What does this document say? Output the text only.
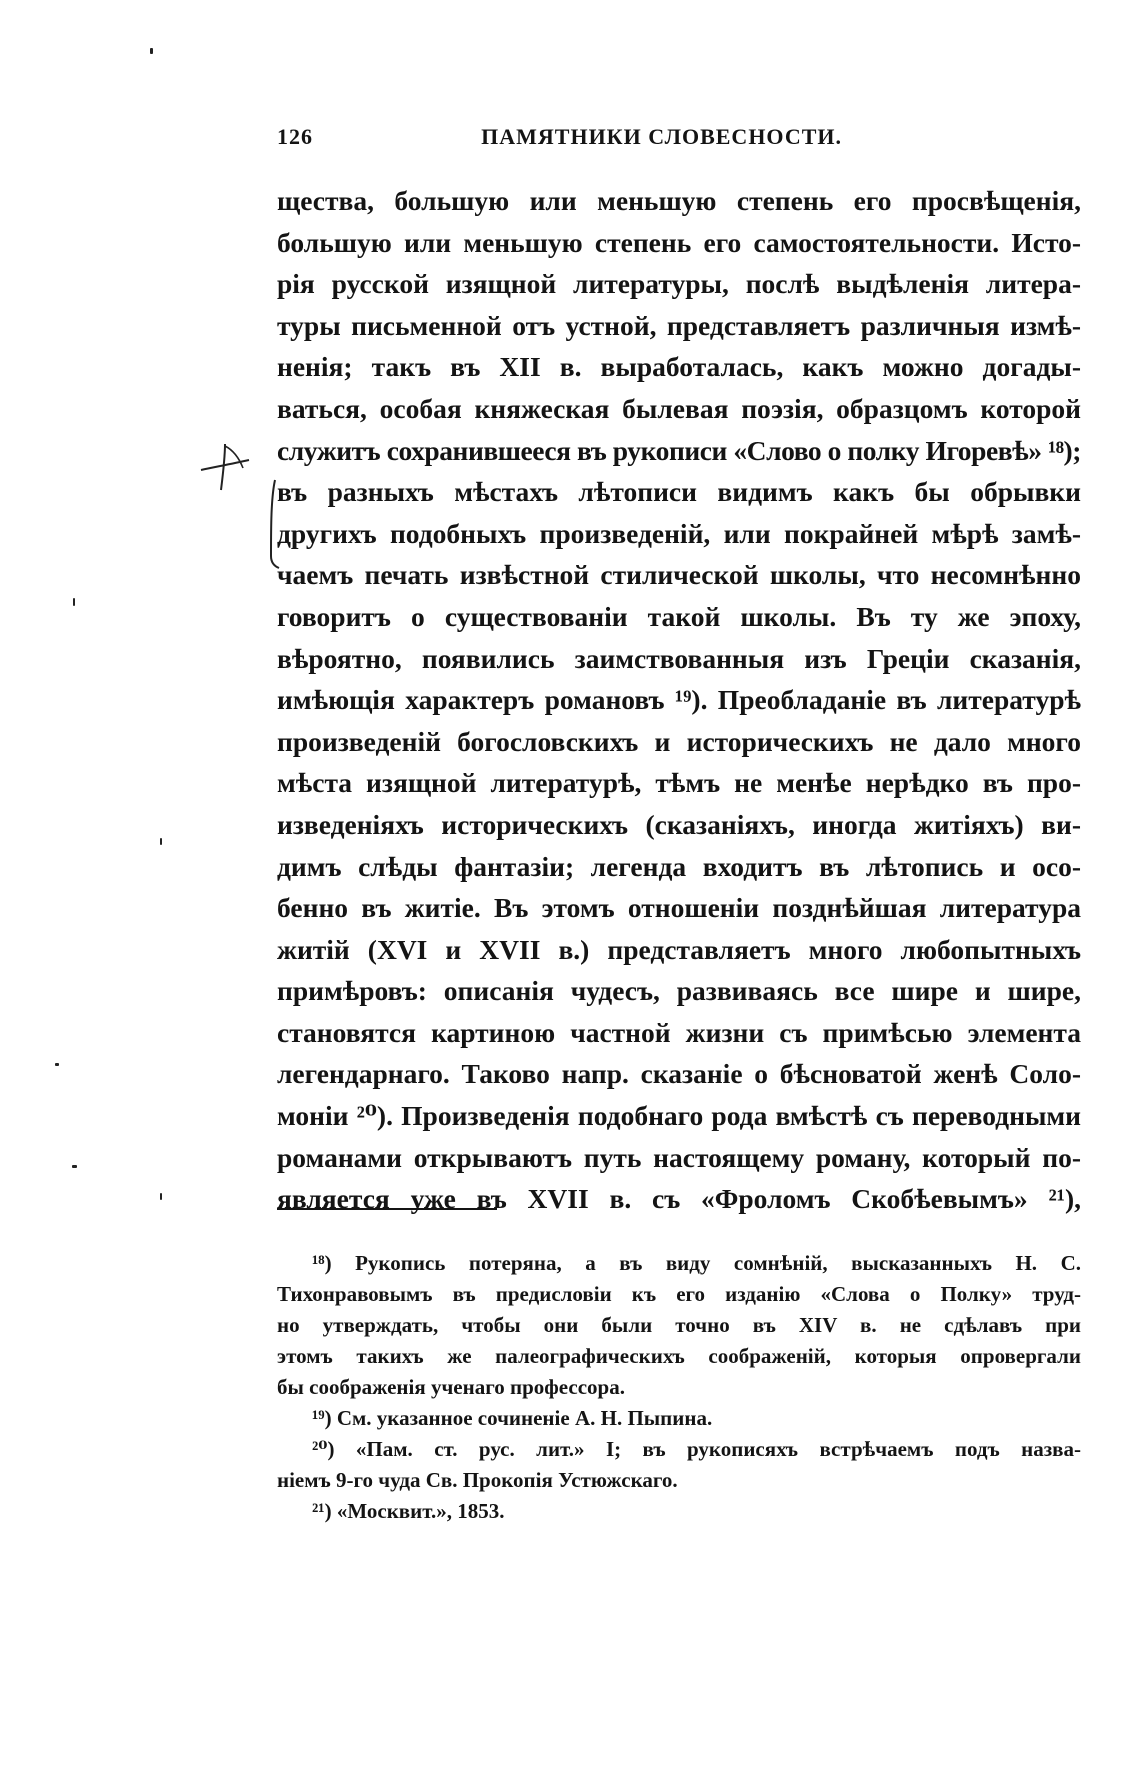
126	ПАМЯТНИКИ СЛОВЕСНОСТИ.
щества, большую или меньшую степень его просвѣщенія,
большую или меньшую степень его самостоятельности. Исто-
рія русской изящной литературы, послѣ выдѣленія литера-
туры письменной отъ устной, представляетъ различныя измѣ-
ненія; такъ въ XII в. выработалась, какъ можно догады-
ваться, особая княжеская былевая поэзія, образцомъ которой
служитъ сохранившееся въ рукописи «Слово о полку Игоревѣ» ¹⁸);
въ разныхъ мѣстахъ лѣтописи видимъ какъ бы обрывки
другихъ подобныхъ произведеній, или покрайней мѣрѣ замѣ-
чаемъ печать извѣстной стилической школы, что несомнѣнно
говоритъ о существованіи такой школы. Въ ту же эпоху,
вѣроятно, появились заимствованныя изъ Греціи сказанія,
имѣющія характеръ романовъ ¹⁹). Преобладаніе въ литературѣ
произведеній богословскихъ и историческихъ не дало много
мѣста изящной литературѣ, тѣмъ не менѣе нерѣдко въ про-
изведеніяхъ историческихъ (сказаніяхъ, иногда житіяхъ) ви-
димъ слѣды фантазіи; легенда входитъ въ лѣтопись и осо-
бенно въ житіе. Въ этомъ отношеніи позднѣйшая литература
житій (XVI и XVII в.) представляетъ много любопытныхъ
примѣровъ: описанія чудесъ, развиваясь все шире и шире,
становятся картиною частной жизни съ примѣсью элемента
легендарнаго. Таково напр. сказаніе о бѣсноватой женѣ Соло-
моніи ²⁰). Произведенія подобнаго рода вмѣстѣ съ переводными
романами открываютъ путь настоящему роману, который по-
является уже въ XVII в. съ «Фроломъ Скобѣевымъ» ²¹),
¹⁸) Рукопись потеряна, а въ виду сомнѣній, высказанныхъ Н. С.
Тихонравовымъ въ предисловіи къ его изданію «Слова о Полку» труд-
но утверждать, чтобы они были точно въ XIV в. не сдѣлавъ при
этомъ такихъ же палеографическихъ соображеній, которыя опровергали
бы соображенія ученаго профессора.
¹⁹) См. указанное сочиненіе А. Н. Пыпина.
²⁰) «Пам. ст. рус. лит.» I; въ рукописяхъ встрѣчаемъ подъ назва-
ніемъ 9-го чуда Св. Прокопія Устюжскаго.
²¹) «Москвит.», 1853.
